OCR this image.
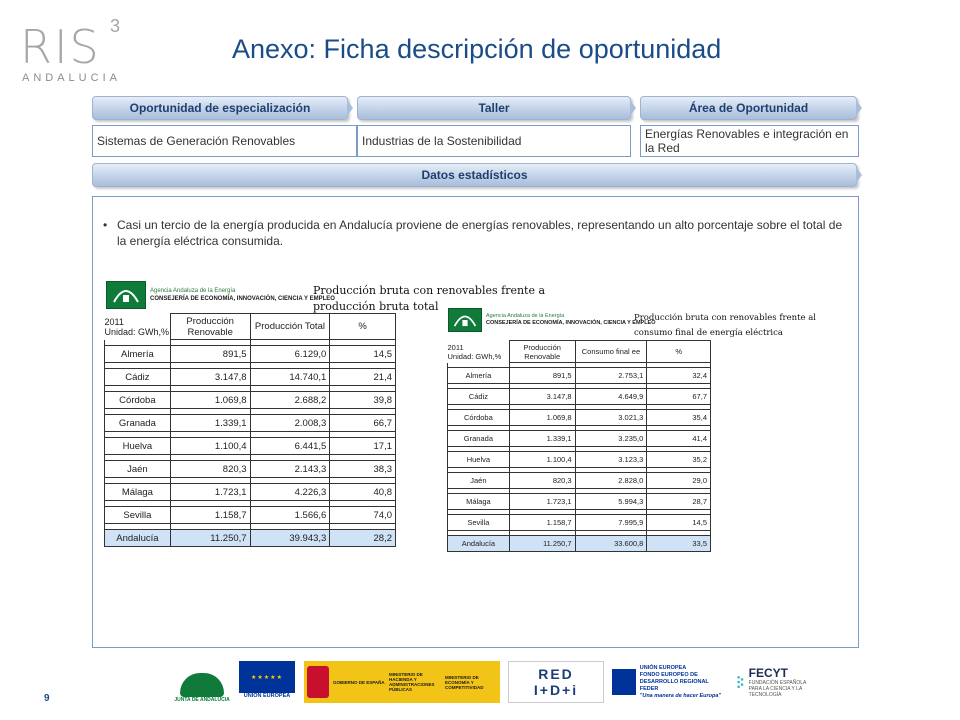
RIS 3
ANDALUCIA
Anexo: Ficha descripción de oportunidad
Oportunidad de especialización	Taller	Área de Oportunidad
Sistemas de Generación Renovables	Industrias de la Sostenibilidad	Energías Renovables e integración en la Red
Datos estadísticos
• Casi un tercio de la energía producida en Andalucía proviene de energías renovables, representando un alto porcentaje sobre el total de la energía eléctrica consumida.
Agencia Andaluza de la Energía
CONSEJERÍA DE ECONOMÍA, INNOVACIÓN, CIENCIA Y EMPLEO
Producción bruta con renovables frente a producción bruta total
2011
Unidad: GWh,%	Producción Renovable	Producción Total	%

Almería	891,5	6.129,0	14,5

Cádiz	3.147,8	14.740,1	21,4

Córdoba	1.069,8	2.688,2	39,8

Granada	1.339,1	2.008,3	66,7

Huelva	1.100,4	6.441,5	17,1

Jaén	820,3	2.143,3	38,3

Málaga	1.723,1	4.226,3	40,8

Sevilla	1.158,7	1.566,6	74,0

Andalucía	11.250,7	39.943,3	28,2
Agencia Andaluza de la Energía
CONSEJERÍA DE ECONOMÍA, INNOVACIÓN, CIENCIA Y EMPLEO
Producción bruta con renovables frente al consumo final de energía eléctrica
2011
Unidad: GWh,%	Producción Renovable	Consumo final ee	%

Almería	891,5	2.753,1	32,4

Cádiz	3.147,8	4.649,9	67,7

Córdoba	1.069,8	3.021,3	35,4

Granada	1.339,1	3.235,0	41,4

Huelva	1.100,4	3.123,3	35,2

Jaén	820,3	2.828,0	29,0

Málaga	1.723,1	5.994,3	28,7

Sevilla	1.158,7	7.995,9	14,5

Andalucía	11.250,7	33.600,8	33,5
JUNTA DE ANDALUCIA
★★★★★
UNIÓN EUROPEA
GOBIERNO DE ESPAÑA
MINISTERIO DE HACIENDA Y ADMINISTRACIONES PÚBLICAS
MINISTERIO DE ECONOMÍA Y COMPETITIVIDAD
RED
I+D+i
UNIÓN EUROPEA
FONDO EUROPEO DE DESARROLLO REGIONAL FEDER
"Una manera de hacer Europa"
FECYT
FUNDACIÓN ESPAÑOLA PARA LA CIENCIA Y LA TECNOLOGÍA
9
